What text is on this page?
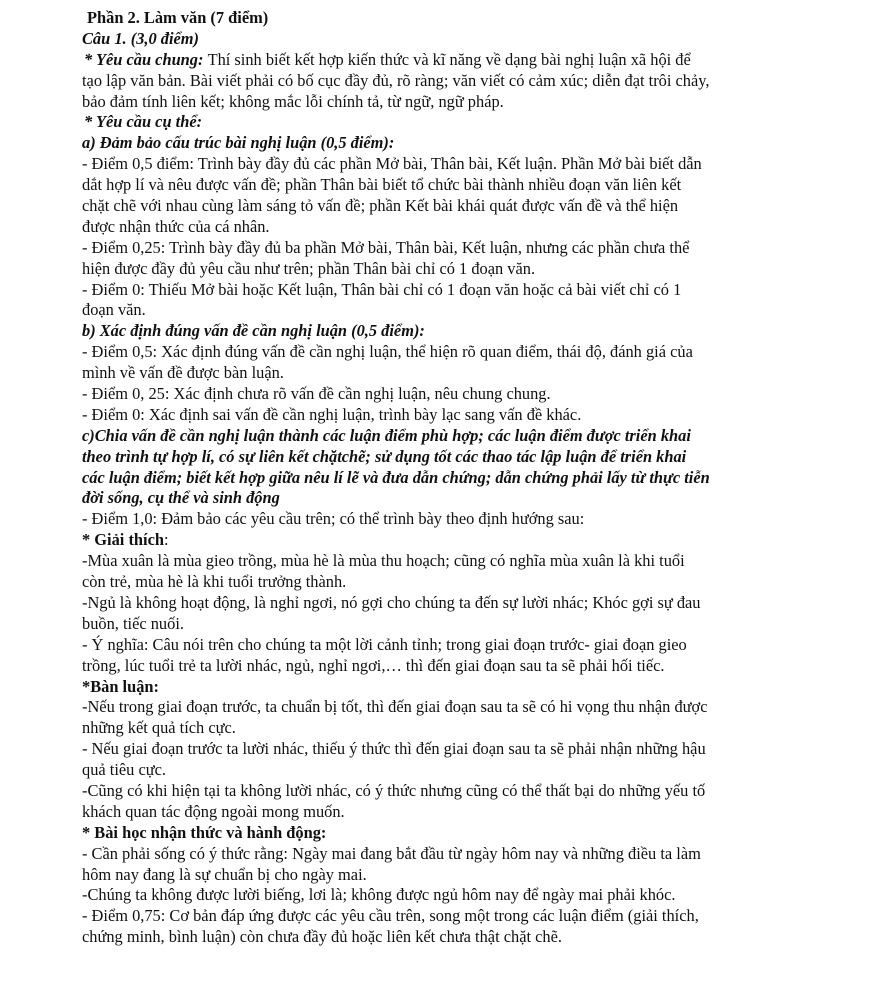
Phần 2. Làm văn (7 điểm)
Câu 1. (3,0 điểm)
* Yêu cầu chung: Thí sinh biết kết hợp kiến thức và kĩ năng về dạng bài nghị luận xã hội để
tạo lập văn bản. Bài viết phải có bố cục đầy đủ, rõ ràng; văn viết có cảm xúc; diễn đạt trôi chảy,
bảo đảm tính liên kết; không mắc lỗi chính tả, từ ngữ, ngữ pháp.
* Yêu cầu cụ thể:
a) Đảm bảo cấu trúc bài nghị luận (0,5 điểm):
- Điểm 0,5 điểm: Trình bày đầy đủ các phần Mở bài, Thân bài, Kết luận. Phần Mở bài biết dẫn
dắt hợp lí và nêu được vấn đề; phần Thân bài biết tổ chức bài thành nhiều đoạn văn liên kết
chặt chẽ với nhau cùng làm sáng tỏ vấn đề; phần Kết bài khái quát được vấn đề và thể hiện
được nhận thức của cá nhân.
- Điểm 0,25: Trình bày đầy đủ ba phần Mở bài, Thân bài, Kết luận, nhưng các phần chưa thể
hiện được đầy đủ yêu cầu như trên; phần Thân bài chỉ có 1 đoạn văn.
- Điểm 0: Thiếu Mở bài hoặc Kết luận, Thân bài chỉ có 1 đoạn văn hoặc cả bài viết chỉ có 1
đoạn văn.
b) Xác định đúng vấn đề cần nghị luận (0,5 điểm):
- Điểm 0,5: Xác định đúng vấn đề cần nghị luận, thể hiện rõ quan điểm, thái độ, đánh giá của
mình về vấn đề được bàn luận.
- Điểm 0, 25: Xác định chưa rõ vấn đề cần nghị luận, nêu chung chung.
- Điểm 0: Xác định sai vấn đề cần nghị luận, trình bày lạc sang vấn đề khác.
c)Chia vấn đề cần nghị luận thành các luận điểm phù hợp; các luận điểm được triển khai
theo trình tự hợp lí, có sự liên kết chặtchẽ; sử dụng tốt các thao tác lập luận để triển khai
các luận điểm; biết kết hợp giữa nêu lí lẽ và đưa dẫn chứng; dẫn chứng phải lấy từ thực tiễn
đời sống, cụ thể và sinh động
- Điểm 1,0: Đảm bảo các yêu cầu trên; có thể trình bày theo định hướng sau:
* Giải thích:
-Mùa xuân là mùa gieo trồng, mùa hè là mùa thu hoạch; cũng có nghĩa mùa xuân là khi tuổi
còn trẻ, mùa hè là khi tuổi trưởng thành.
-Ngủ là không hoạt động, là nghỉ ngơi, nó gợi cho chúng ta đến sự lười nhác; Khóc gợi sự đau
buồn, tiếc nuối.
- Ý nghĩa: Câu nói trên cho chúng ta một lời cảnh tỉnh; trong giai đoạn trước- giai đoạn gieo
trồng, lúc tuổi trẻ ta lười nhác, ngủ, nghỉ ngơi,… thì đến giai đoạn sau ta sẽ phải hối tiếc.
*Bàn luận:
-Nếu trong giai đoạn trước, ta chuẩn bị tốt, thì đến giai đoạn sau ta sẽ có hi vọng thu nhận được
những kết quả tích cực.
- Nếu giai đoạn trước ta lười nhác, thiếu ý thức thì đến giai đoạn sau ta sẽ phải nhận những hậu
quả tiêu cực.
-Cũng có khi hiện tại ta không lười nhác, có ý thức nhưng cũng có thể thất bại do những yếu tố
khách quan tác động ngoài mong muốn.
* Bài học nhận thức và hành động:
- Cần phải sống có ý thức rằng: Ngày mai đang bắt đầu từ ngày hôm nay và những điều ta làm
hôm nay đang là sự chuẩn bị cho ngày mai.
-Chúng ta không được lười biếng, lơi là; không được ngủ hôm nay để ngày mai phải khóc.
- Điểm 0,75: Cơ bản đáp ứng được các yêu cầu trên, song một trong các luận điểm (giải thích,
chứng minh, bình luận) còn chưa đầy đủ hoặc liên kết chưa thật chặt chẽ.
